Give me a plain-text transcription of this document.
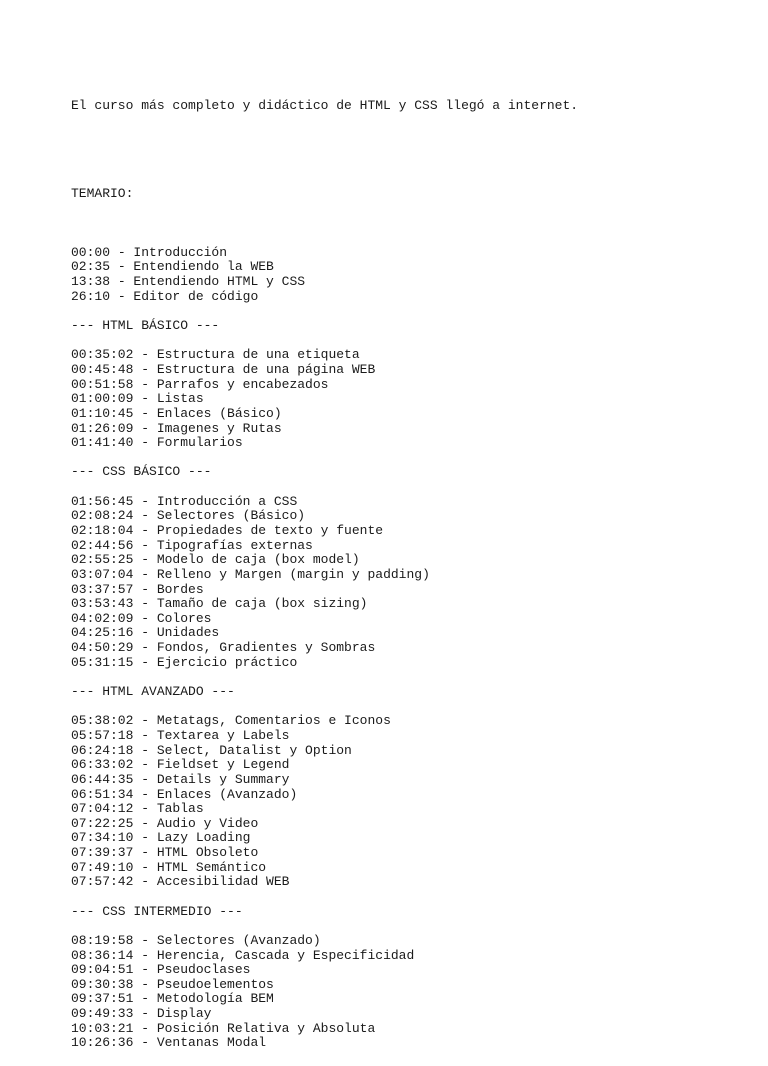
El curso más completo y didáctico de HTML y CSS llegó a internet.

TEMARIO:

00:00 - Introducción
02:35 - Entendiendo la WEB
13:38 - Entendiendo HTML y CSS
26:10 - Editor de código
--- HTML BÁSICO ---
00:35:02 - Estructura de una etiqueta
00:45:48 - Estructura de una página WEB
00:51:58 - Parrafos y encabezados
01:00:09 - Listas
01:10:45 - Enlaces (Básico)
01:26:09 - Imagenes y Rutas
01:41:40 - Formularios
--- CSS BÁSICO ---
01:56:45 - Introducción a CSS
02:08:24 - Selectores (Básico)
02:18:04 - Propiedades de texto y fuente
02:44:56 - Tipografías externas
02:55:25 - Modelo de caja (box model)
03:07:04 - Relleno y Margen (margin y padding)
03:37:57 - Bordes
03:53:43 - Tamaño de caja (box sizing)
04:02:09 - Colores
04:25:16 - Unidades
04:50:29 - Fondos, Gradientes y Sombras
05:31:15 - Ejercicio práctico
--- HTML AVANZADO ---
05:38:02 - Metatags, Comentarios e Iconos
05:57:18 - Textarea y Labels
06:24:18 - Select, Datalist y Option
06:33:02 - Fieldset y Legend
06:44:35 - Details y Summary
06:51:34 - Enlaces (Avanzado)
07:04:12 - Tablas
07:22:25 - Audio y Video
07:34:10 - Lazy Loading
07:39:37 - HTML Obsoleto
07:49:10 - HTML Semántico
07:57:42 - Accesibilidad WEB
--- CSS INTERMEDIO ---
08:19:58 - Selectores (Avanzado)
08:36:14 - Herencia, Cascada y Especificidad
09:04:51 - Pseudoclases
09:30:38 - Pseudoelementos
09:37:51 - Metodología BEM
09:49:33 - Display
10:03:21 - Posición Relativa y Absoluta
10:26:36 - Ventanas Modal
